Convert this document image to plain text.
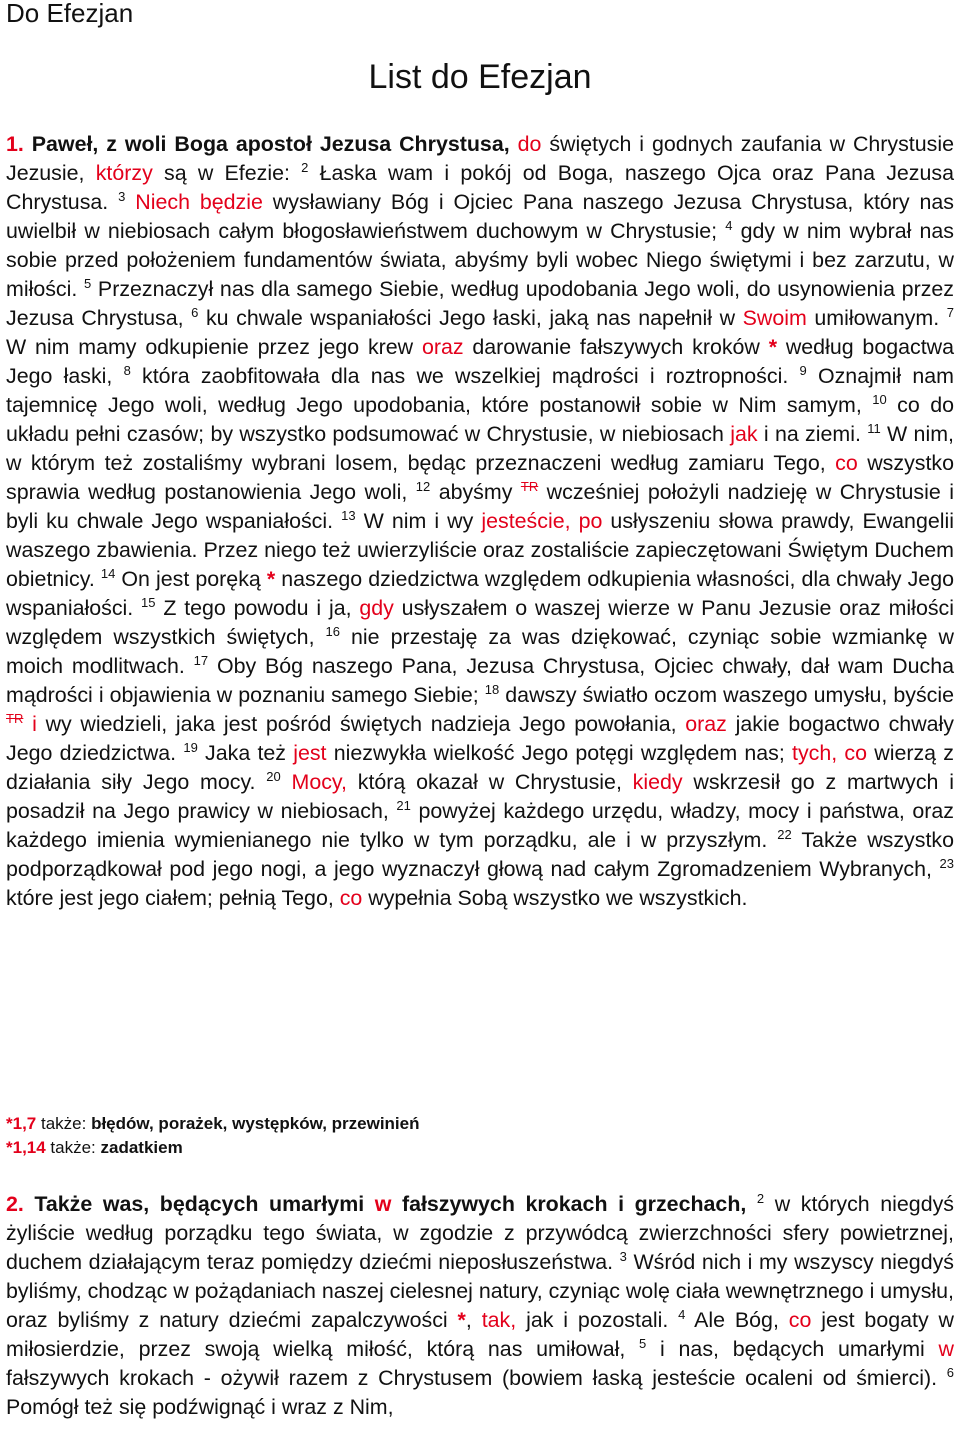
Do Efezjan
List do Efezjan

1. Paweł, z woli Boga apostoł Jezusa Chrystusa, do świętych i godnych zaufania w Chrystusie Jezusie, którzy są w Efezie: $^2$ Łaska wam i pokój od Boga, naszego Ojca oraz Pana Jezusa Chrystusa. $^3$ Niech będzie wysławiany Bóg i Ojciec Pana naszego Jezusa Chrystusa, który nas uwielbił w niebiosach całym błogosławieństwem duchowym w Chrystusie; $^4$ gdy w nim wybrał nas sobie przed położeniem fundamentów świata, abyśmy byli wobec Niego świętymi i bez zarzutu, w miłości. $^5$ Przeznaczył nas dla samego Siebie, według upodobania Jego woli, do usynowienia przez Jezusa Chrystusa, $^6$ ku chwale wspaniałości Jego łaski, jaką nas napełnił w Swoim umiłowanym. $^7$ W nim mamy odkupienie przez jego krew oraz darowanie fałszywych kroków * według bogactwa Jego łaski, $^8$ która zaobfitowała dla nas we wszelkiej mądrości i roztropności. $^9$ Oznajmił nam tajemnicę Jego woli, według Jego upodobania, które postanowił sobie w Nim samym, $^{10}$ co do układu pełni czasów; by wszystko podsumować w Chrystusie, w niebiosach jak i na ziemi. $^{11}$ W nim, w którym też zostaliśmy wybrani losem, będąc przeznaczeni według zamiaru Tego, co wszystko sprawia według postanowienia Jego woli, $^{12}$ abyśmy $^{TR}$ wcześniej położyli nadzieję w Chrystusie i byli ku chwale Jego wspaniałości. $^{13}$ W nim i wy jesteście, po usłyszeniu słowa prawdy, Ewangelii waszego zbawienia. Przez niego też uwierzyliście oraz zostaliście zapieczętowani Świętym Duchem obietnicy. $^{14}$ On jest poręką * naszego dziedzictwa względem odkupienia własności, dla chwały Jego wspaniałości. $^{15}$ Z tego powodu i ja, gdy usłyszałem o waszej wierze w Panu Jezusie oraz miłości względem wszystkich świętych, $^{16}$ nie przestaję za was dziękować, czyniąc sobie wzmiankę w moich modlitwach. $^{17}$ Oby Bóg naszego Pana, Jezusa Chrystusa, Ojciec chwały, dał wam Ducha mądrości i objawienia w poznaniu samego Siebie; $^{18}$ dawszy światło oczom waszego umysłu, byście $^{TR}$ i wy wiedzieli, jaka jest pośród świętych nadzieja Jego powołania, oraz jakie bogactwo chwały Jego dziedzictwa. $^{19}$ Jaka też jest niezwykła wielkość Jego potęgi względem nas; tych, co wierzą z działania siły Jego mocy. $^{20}$ Mocy, którą okazał w Chrystusie, kiedy wskrzesił go z martwych i posadził na Jego prawicy w niebiosach, $^{21}$ powyżej każdego urzędu, władzy, mocy i państwa, oraz każdego imienia wymienianego nie tylko w tym porządku, ale i w przyszłym. $^{22}$ Także wszystko podporządkował pod jego nogi, a jego wyznaczył głową nad całym Zgromadzeniem Wybranych, $^{23}$ które jest jego ciałem; pełnią Tego, co wypełnia Sobą wszystko we wszystkich.

*1,7 także: błędów, porażek, występków, przewinień
*1,14 także: zadatkiem

2. Także was, będących umarłymi w fałszywych krokach i grzechach, $^2$ w których niegdyś żyliście według porządku tego świata, w zgodzie z przywódcą zwierzchności sfery powietrznej, duchem działającym teraz pomiędzy dziećmi nieposłuszeństwa. $^3$ Wśród nich i my wszyscy niegdyś byliśmy, chodząc w pożądaniach naszej cielesnej natury, czyniąc wolę ciała wewnętrznego i umysłu, oraz byliśmy z natury dziećmi zapalczywości *, tak, jak i pozostali. $^4$ Ale Bóg, co jest bogaty w miłosierdzie, przez swoją wielką miłość, którą nas umiłował, $^5$ i nas, będących umarłymi w fałszywych krokach - ożywił razem z Chrystusem (bowiem łaską jesteście ocaleni od śmierci). $^6$ Pomógł też się podźwignąć i wraz z Nim,
